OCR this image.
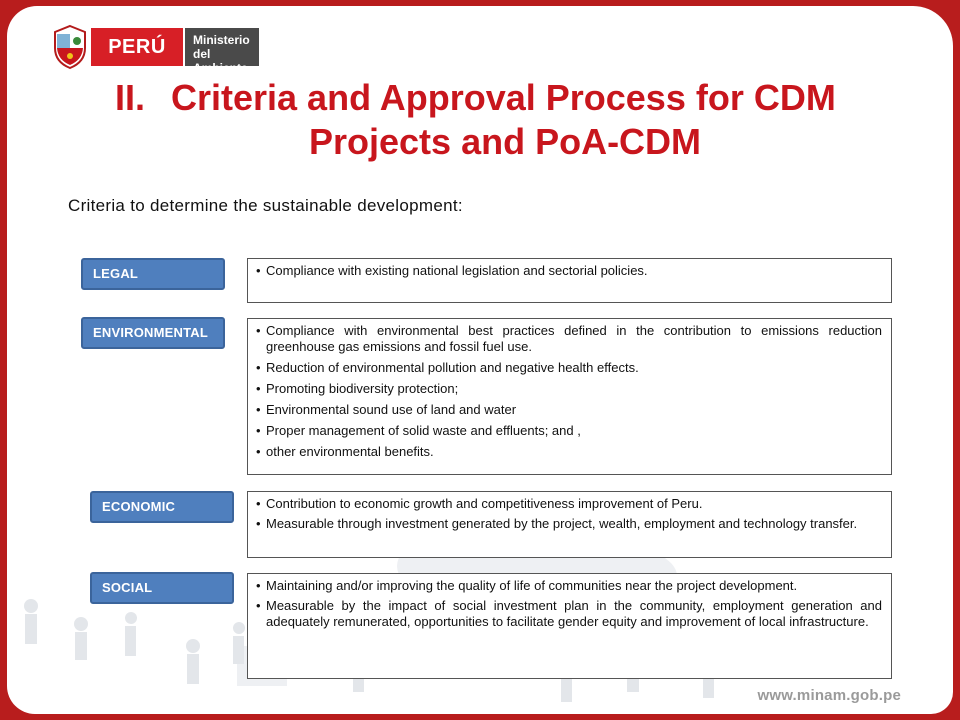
PERÚ	Ministerio
del Ambiente
II. Criteria and Approval Process for CDM
Projects and PoA-CDM

Criteria to determine the sustainable development:

LEGAL	• Compliance with existing national legislation and sectorial policies.
ENVIRONMENTAL	• Compliance with environmental best practices defined in the contribution to emissions reduction greenhouse gas emissions and fossil fuel use.
• Reduction of environmental pollution and negative health effects.
• Promoting biodiversity protection;
• Environmental sound use of land and water
• Proper management of solid waste and effluents; and ,
• other environmental benefits.
ECONOMIC	• Contribution to economic growth and competitiveness improvement of Peru.
• Measurable through investment generated by the project, wealth, employment and technology transfer.
SOCIAL	• Maintaining and/or improving the quality of life of communities near the project development.
• Measurable by the impact of social investment plan in the community, employment generation and adequately remunerated, opportunities to facilitate gender equity and improvement of local infrastructure.
www.minam.gob.pe
